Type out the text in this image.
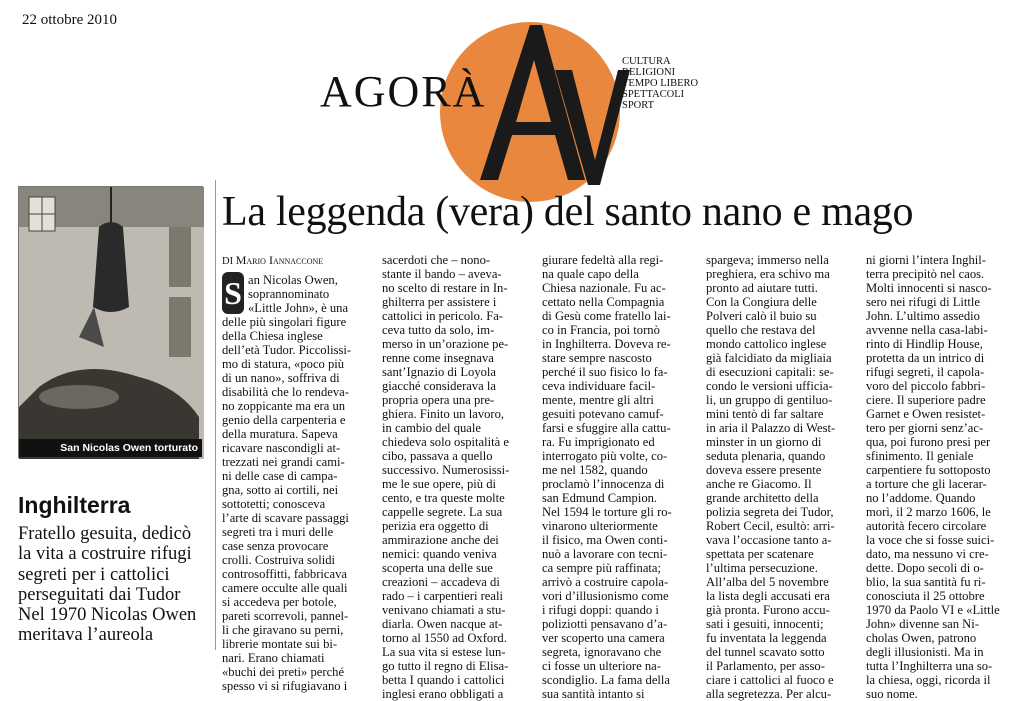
22 ottobre 2010
AGORÀ
CULTURA
RELIGIONI
TEMPO LIBERO
SPETTACOLI
SPORT
San Nicolas Owen torturato
Inghilterra
Fratello gesuita, dedicò
la vita a costruire rifugi
segreti per i cattolici
perseguitati dai Tudor
Nel 1970 Nicolas Owen
meritava l’aureola
La leggenda (vera) del santo nano e mago
DI Mario Iannaccone
S an Nicolas Owen,
soprannominato
«Little John», è una
delle più singolari figure
della Chiesa inglese
dell’età Tudor. Piccolissi-
mo di statura, «poco più
di un nano», soffriva di
disabilità che lo rendeva-
no zoppicante ma era un
genio della carpenteria e
della muratura. Sapeva
ricavare nascondigli at-
trezzati nei grandi cami-
ni delle case di campa-
gna, sotto ai cortili, nei
sottotetti; conosceva
l’arte di scavare passaggi
segreti tra i muri delle
case senza provocare
crolli. Costruiva solidi
controsoffitti, fabbricava
camere occulte alle quali
si accedeva per botole,
pareti scorrevoli, pannel-
li che giravano su perni,
librerie montate sui bi-
nari. Erano chiamati
«buchi dei preti» perché
spesso vi si rifugiavano i
sacerdoti che – nono-
stante il bando – aveva-
no scelto di restare in In-
ghilterra per assistere i
cattolici in pericolo. Fa-
ceva tutto da solo, im-
merso in un’orazione pe-
renne come insegnava
sant’Ignazio di Loyola
giacché considerava la
propria opera una pre-
ghiera. Finito un lavoro,
in cambio del quale
chiedeva solo ospitalità e
cibo, passava a quello
successivo. Numerosissi-
me le sue opere, più di
cento, e tra queste molte
cappelle segrete. La sua
perizia era oggetto di
ammirazione anche dei
nemici: quando veniva
scoperta una delle sue
creazioni – accadeva di
rado – i carpentieri reali
venivano chiamati a stu-
diarla. Owen nacque at-
torno al 1550 ad Oxford.
La sua vita si estese lun-
go tutto il regno di Elisa-
betta I quando i cattolici
inglesi erano obbligati a
giurare fedeltà alla regi-
na quale capo della
Chiesa nazionale. Fu ac-
cettato nella Compagnia
di Gesù come fratello lai-
co in Francia, poi tornò
in Inghilterra. Doveva re-
stare sempre nascosto
perché il suo fisico lo fa-
ceva individuare facil-
mente, mentre gli altri
gesuiti potevano camuf-
farsi e sfuggire alla cattu-
ra. Fu imprigionato ed
interrogato più volte, co-
me nel 1582, quando
proclamò l’innocenza di
san Edmund Campion.
Nel 1594 le torture gli ro-
vinarono ulteriormente
il fisico, ma Owen conti-
nuò a lavorare con tecni-
ca sempre più raffinata;
arrivò a costruire capola-
vori d’illusionismo come
i rifugi doppi: quando i
poliziotti pensavano d’a-
ver scoperto una camera
segreta, ignoravano che
ci fosse un ulteriore na-
scondiglio. La fama della
sua santità intanto si
spargeva; immerso nella
preghiera, era schivo ma
pronto ad aiutare tutti.
Con la Congiura delle
Polveri calò il buio su
quello che restava del
mondo cattolico inglese
già falcidiato da migliaia
di esecuzioni capitali: se-
condo le versioni ufficia-
li, un gruppo di gentiluo-
mini tentò di far saltare
in aria il Palazzo di West-
minster in un giorno di
seduta plenaria, quando
doveva essere presente
anche re Giacomo. Il
grande architetto della
polizia segreta dei Tudor,
Robert Cecil, esultò: arri-
vava l’occasione tanto a-
spettata per scatenare
l’ultima persecuzione.
All’alba del 5 novembre
la lista degli accusati era
già pronta. Furono accu-
sati i gesuiti, innocenti;
fu inventata la leggenda
del tunnel scavato sotto
il Parlamento, per asso-
ciare i cattolici al fuoco e
alla segretezza. Per alcu-
ni giorni l’intera Inghil-
terra precipitò nel caos.
Molti innocenti si nasco-
sero nei rifugi di Little
John. L’ultimo assedio
avvenne nella casa-labi-
rinto di Hindlip House,
protetta da un intrico di
rifugi segreti, il capola-
voro del piccolo fabbri-
ciere. Il superiore padre
Garnet e Owen resistet-
tero per giorni senz’ac-
qua, poi furono presi per
sfinimento. Il geniale
carpentiere fu sottoposto
a torture che gli lacerar-
no l’addome. Quando
morì, il 2 marzo 1606, le
autorità fecero circolare
la voce che si fosse suici-
dato, ma nessuno vi cre-
dette. Dopo secoli di o-
blio, la sua santità fu ri-
conosciuta il 25 ottobre
1970 da Paolo VI e «Little
John» divenne san Ni-
cholas Owen, patrono
degli illusionisti. Ma in
tutta l’Inghilterra una so-
la chiesa, oggi, ricorda il
suo nome.
